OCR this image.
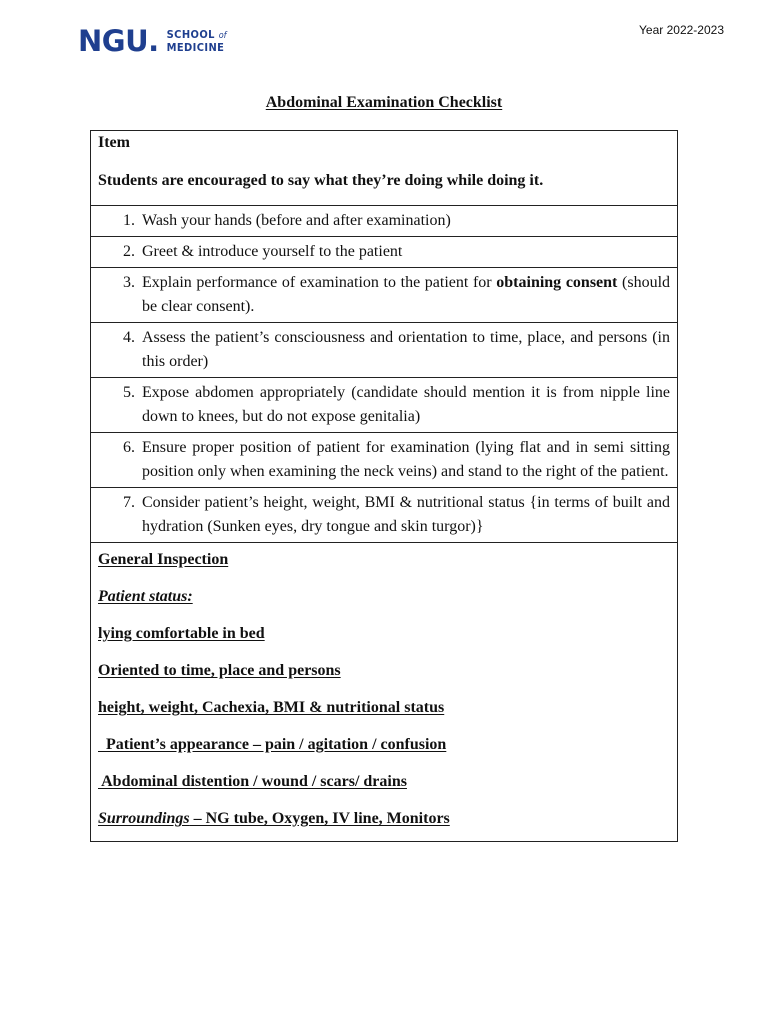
NGU. SCHOOL of
MEDICINE
Year 2022-2023
Abdominal Examination Checklist
Item
Students are encouraged to say what they’re doing while doing it.

1. Wash your hands (before and after examination)

2. Greet & introduce yourself to the patient

3. Explain performance of examination to the patient for obtaining consent (should be clear consent).

4. Assess the patient’s consciousness and orientation to time, place, and persons (in this order)

5. Expose abdomen appropriately (candidate should mention it is from nipple line down to knees, but do not expose genitalia)

6. Ensure proper position of patient for examination (lying flat and in semi sitting position only when examining the neck veins) and stand to the right of the patient.

7. Consider patient’s height, weight, BMI & nutritional status {in terms of built and hydration (Sunken eyes, dry tongue and skin turgor)}

General Inspection

Patient status:

lying comfortable in bed

Oriented to time, place and persons

height, weight, Cachexia, BMI & nutritional status

Patient’s appearance – pain / agitation / confusion

Abdominal distention / wound / scars/ drains

Surroundings – NG tube, Oxygen, IV line, Monitors
